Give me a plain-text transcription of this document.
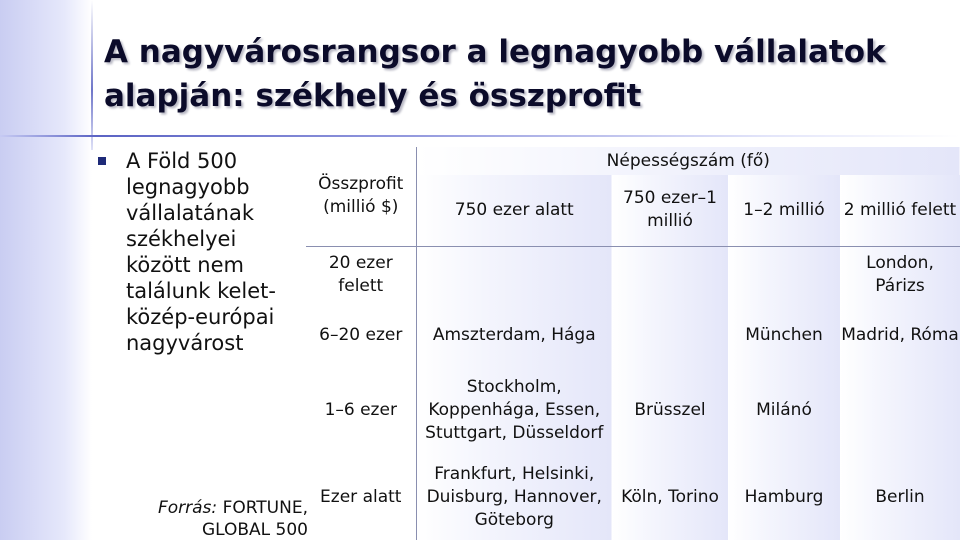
A nagyvárosrangsor a legnagyobb vállalatok alapján: székhely és összprofit
A Föld 500 legnagyobb vállalatának székhelyei között nem találunk kelet-közép-európai nagyvárost
Forrás: FORTUNE, GLOBAL 500
Összprofit (millió $)	Népességszám (fő)			
	750 ezer alatt	750 ezer–1 millió	1–2 millió	2 millió felett
20 ezer felett				London, Párizs
6–20 ezer	Amszterdam, Hága		München	Madrid, Róma
1–6 ezer	Stockholm, Koppenhága, Essen, Stuttgart, Düsseldorf	Brüsszel	Milánó	
Ezer alatt	Frankfurt, Helsinki, Duisburg, Hannover, Göteborg	Köln, Torino	Hamburg	Berlin
